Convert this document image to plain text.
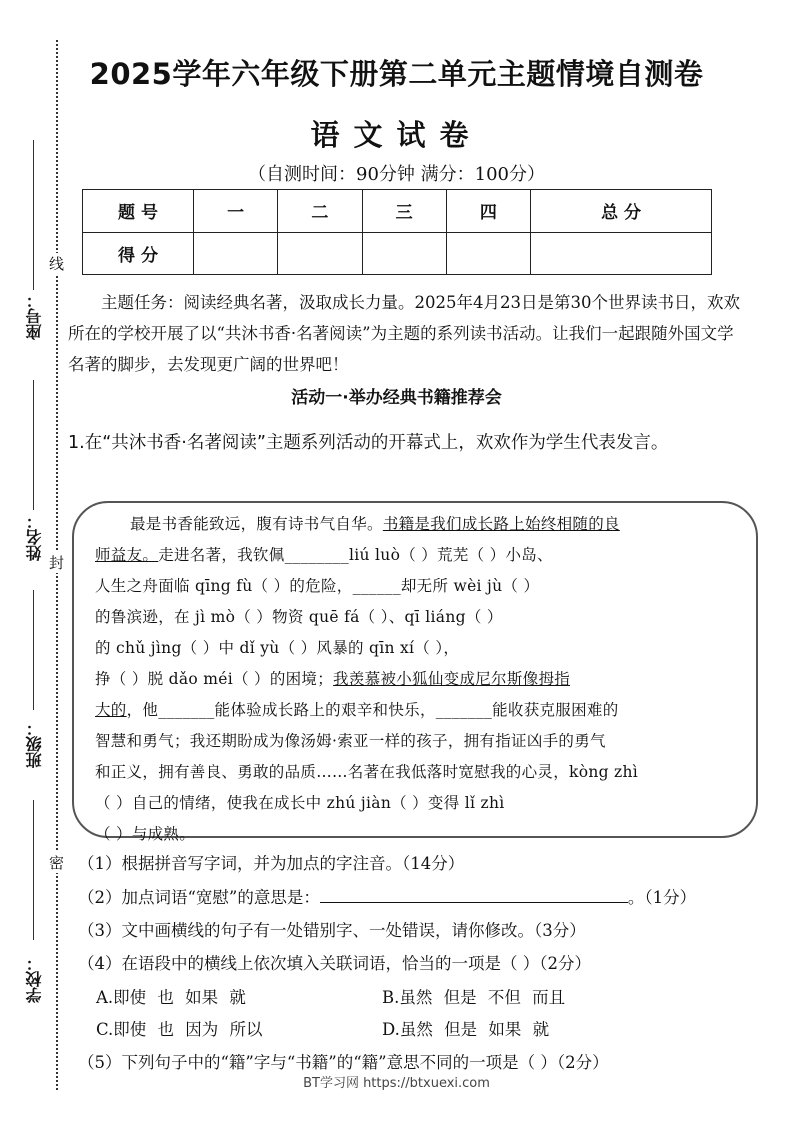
线
封
密
座号：
姓名：
班级：
学校：
2025学年六年级下册第二单元主题情境自测卷
语文试卷
（自测时间：90分钟 满分：100分）
题 号	一	二	三	四	总 分
得 分					
主题任务：阅读经典名著，汲取成长力量。2025年4月23日是第30个世界读书日，欢欢所在的学校开展了以“共沐书香·名著阅读”为主题的系列读书活动。让我们一起跟随外国文学名著的脚步，去发现更广阔的世界吧！
活动一·举办经典书籍推荐会
1.在“共沐书香·名著阅读”主题系列活动的开幕式上，欢欢作为学生代表发言。
最是书香能致远，腹有诗书气自华。书籍是我们成长路上始终相随的良
师益友。走进名著，我钦佩________liú luò（ ）荒芜（ ）小岛、
人生之舟面临 qīng fù（ ）的危险，______却无所 wèi jù（ ）
的鲁滨逊，在 jì mò（ ）物资 quē fá（ ）、qī liáng（ ）
的 chǔ jìng（ ）中 dǐ yù（ ）风暴的 qīn xí（ ），
挣（ ）脱 dǎo méi（ ）的困境；我羡慕被小狐仙变成尼尔斯像拇指
大的，他_______能体验成长路上的艰辛和快乐，_______能收获克服困难的
智慧和勇气；我还期盼成为像汤姆·索亚一样的孩子，拥有指证凶手的勇气
和正义，拥有善良、勇敢的品质……名著在我低落时宽慰我的心灵，kòng zhì
（ ）自己的情绪，使我在成长中 zhú jiàn（ ）变得 lǐ zhì
（ ）与成熟。
（1）根据拼音写字词，并为加点的字注音。（14分）
（2）加点词语“宽慰”的意思是：	。（1分）
（3）文中画横线的句子有一处错别字、一处错误，请你修改。（3分）
（4）在语段中的横线上依次填入关联词语，恰当的一项是（ ）（2分）
A.即使 也 如果 就	B.虽然 但是 不但 而且
C.即使 也 因为 所以	D.虽然 但是 如果 就
（5）下列句子中的“籍”字与“书籍”的“籍”意思不同的一项是（ ）（2分）
BT学习网 https://btxuexi.com
